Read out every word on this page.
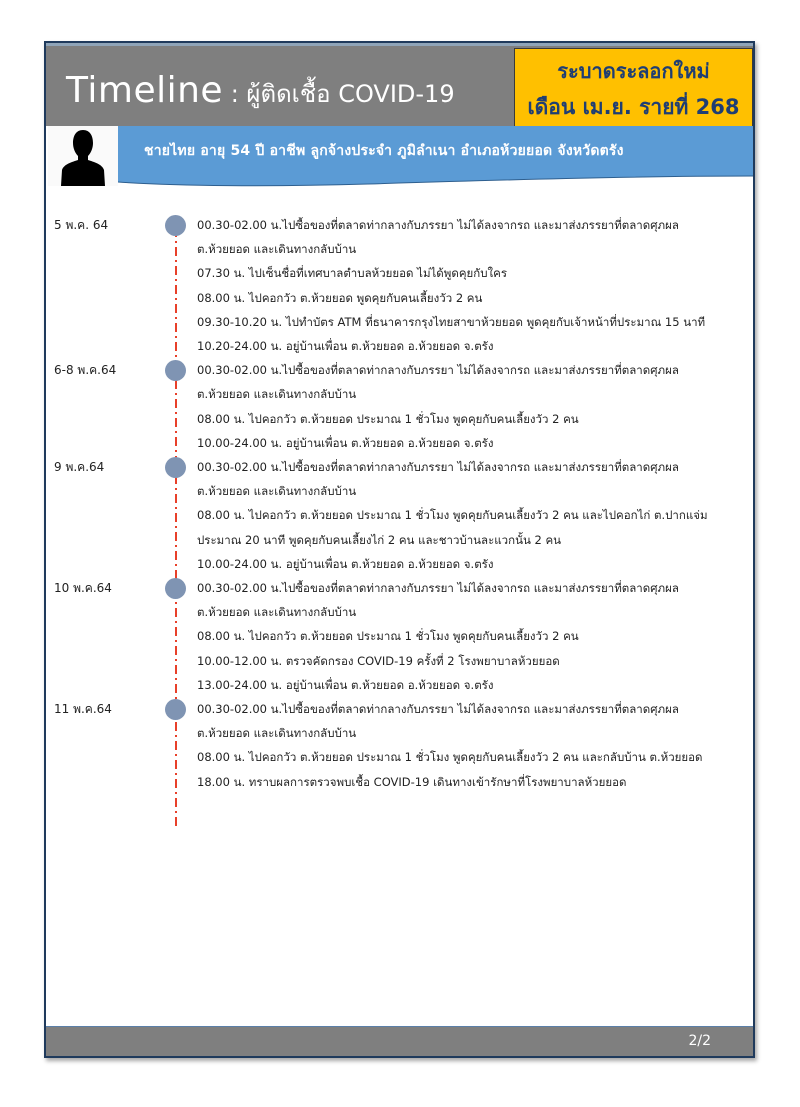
Timeline : ผู้ติดเชื้อ COVID-19
ระบาดระลอกใหม่
เดือน เม.ย. รายที่ 268
ชายไทย อายุ 54 ปี อาชีพ ลูกจ้างประจำ ภูมิลำเนา อำเภอห้วยยอด จังหวัดตรัง
5 พ.ค. 64	00.30-02.00 น.ไปซื้อของที่ตลาดท่ากลางกับภรรยา ไม่ได้ลงจากรถ และมาส่งภรรยาที่ตลาดศุภผล
ต.ห้วยยอด และเดินทางกลับบ้าน
07.30 น. ไปเซ็นชื่อที่เทศบาลตำบลห้วยยอด ไม่ได้พูดคุยกับใคร
08.00 น. ไปคอกวัว ต.ห้วยยอด พูดคุยกับคนเลี้ยงวัว 2 คน
09.30-10.20 น. ไปทำบัตร ATM ที่ธนาคารกรุงไทยสาขาห้วยยอด พูดคุยกับเจ้าหน้าที่ประมาณ 15 นาที
10.20-24.00 น. อยู่บ้านเพื่อน ต.ห้วยยอด อ.ห้วยยอด จ.ตรัง
6-8 พ.ค.64	00.30-02.00 น.ไปซื้อของที่ตลาดท่ากลางกับภรรยา ไม่ได้ลงจากรถ และมาส่งภรรยาที่ตลาดศุภผล
ต.ห้วยยอด และเดินทางกลับบ้าน
08.00 น. ไปคอกวัว ต.ห้วยยอด ประมาณ 1 ชั่วโมง พูดคุยกับคนเลี้ยงวัว 2 คน
10.00-24.00 น. อยู่บ้านเพื่อน ต.ห้วยยอด อ.ห้วยยอด จ.ตรัง
9 พ.ค.64	00.30-02.00 น.ไปซื้อของที่ตลาดท่ากลางกับภรรยา ไม่ได้ลงจากรถ และมาส่งภรรยาที่ตลาดศุภผล
ต.ห้วยยอด และเดินทางกลับบ้าน
08.00 น. ไปคอกวัว ต.ห้วยยอด ประมาณ 1 ชั่วโมง พูดคุยกับคนเลี้ยงวัว 2 คน และไปคอกไก่ ต.ปากแจ่ม
ประมาณ 20 นาที พูดคุยกับคนเลี้ยงไก่ 2 คน และชาวบ้านละแวกนั้น 2 คน
10.00-24.00 น. อยู่บ้านเพื่อน ต.ห้วยยอด อ.ห้วยยอด จ.ตรัง
10 พ.ค.64	00.30-02.00 น.ไปซื้อของที่ตลาดท่ากลางกับภรรยา ไม่ได้ลงจากรถ และมาส่งภรรยาที่ตลาดศุภผล
ต.ห้วยยอด และเดินทางกลับบ้าน
08.00 น. ไปคอกวัว ต.ห้วยยอด ประมาณ 1 ชั่วโมง พูดคุยกับคนเลี้ยงวัว 2 คน
10.00-12.00 น. ตรวจคัดกรอง COVID-19 ครั้งที่ 2 โรงพยาบาลห้วยยอด
13.00-24.00 น. อยู่บ้านเพื่อน ต.ห้วยยอด อ.ห้วยยอด จ.ตรัง
11 พ.ค.64	00.30-02.00 น.ไปซื้อของที่ตลาดท่ากลางกับภรรยา ไม่ได้ลงจากรถ และมาส่งภรรยาที่ตลาดศุภผล
ต.ห้วยยอด และเดินทางกลับบ้าน
08.00 น. ไปคอกวัว ต.ห้วยยอด ประมาณ 1 ชั่วโมง พูดคุยกับคนเลี้ยงวัว 2 คน และกลับบ้าน ต.ห้วยยอด
18.00 น. ทราบผลการตรวจพบเชื้อ COVID-19 เดินทางเข้ารักษาที่โรงพยาบาลห้วยยอด
2/2
